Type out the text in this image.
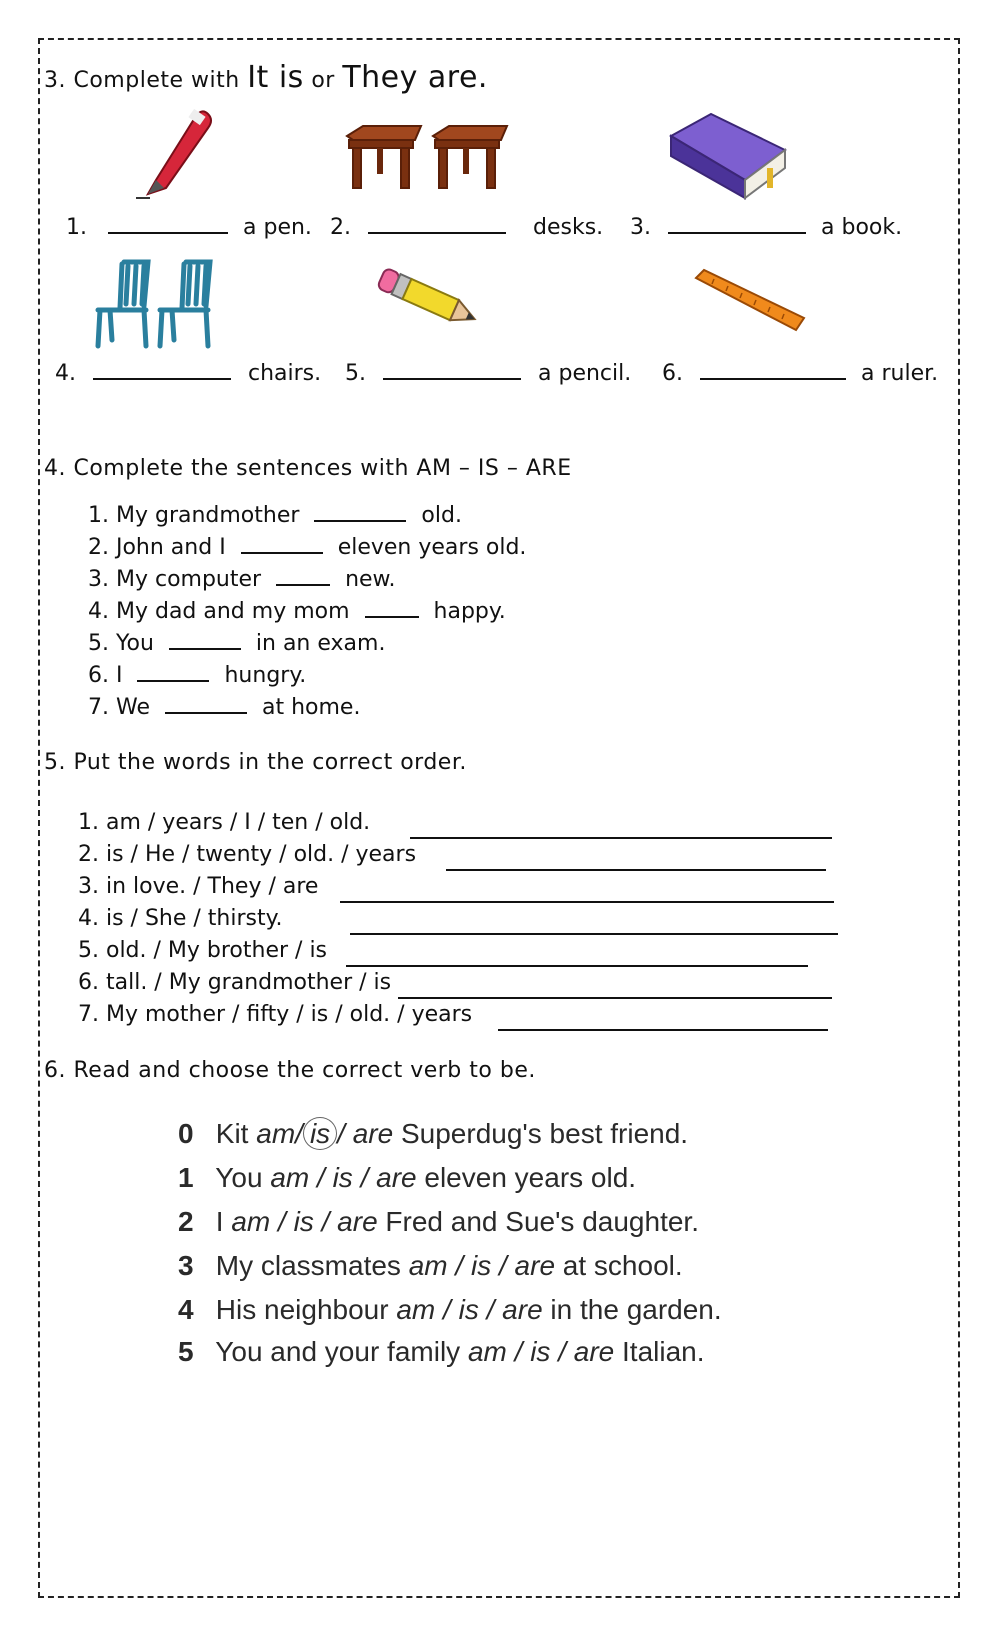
3. Complete with It is or They are.
1.	a pen. 2.	desks. 3.	a book.
4.	chairs. 5.	a pencil. 6.	a ruler.
4. Complete the sentences with AM – IS – ARE
1. My grandmother	old.
2. John and I	eleven years old.
3. My computer	new.
4. My dad and my mom	happy.
5. You	in an exam.
6. I	hungry.
7. We	at home.
5. Put the words in the correct order.
1. am / years / I / ten / old.
2. is / He / twenty / old. / years
3. in love. / They / are
4. is / She / thirsty.
5. old. / My brother / is
6. tall. / My grandmother / is
7. My mother / fifty / is / old. / years
6. Read and choose the correct verb to be.
0 Kit am/ is / are Superdug's best friend.
1 You am / is / are eleven years old.
2 I am / is / are Fred and Sue's daughter.
3 My classmates am / is / are at school.
4 His neighbour am / is / are in the garden.
5 You and your family am / is / are Italian.
